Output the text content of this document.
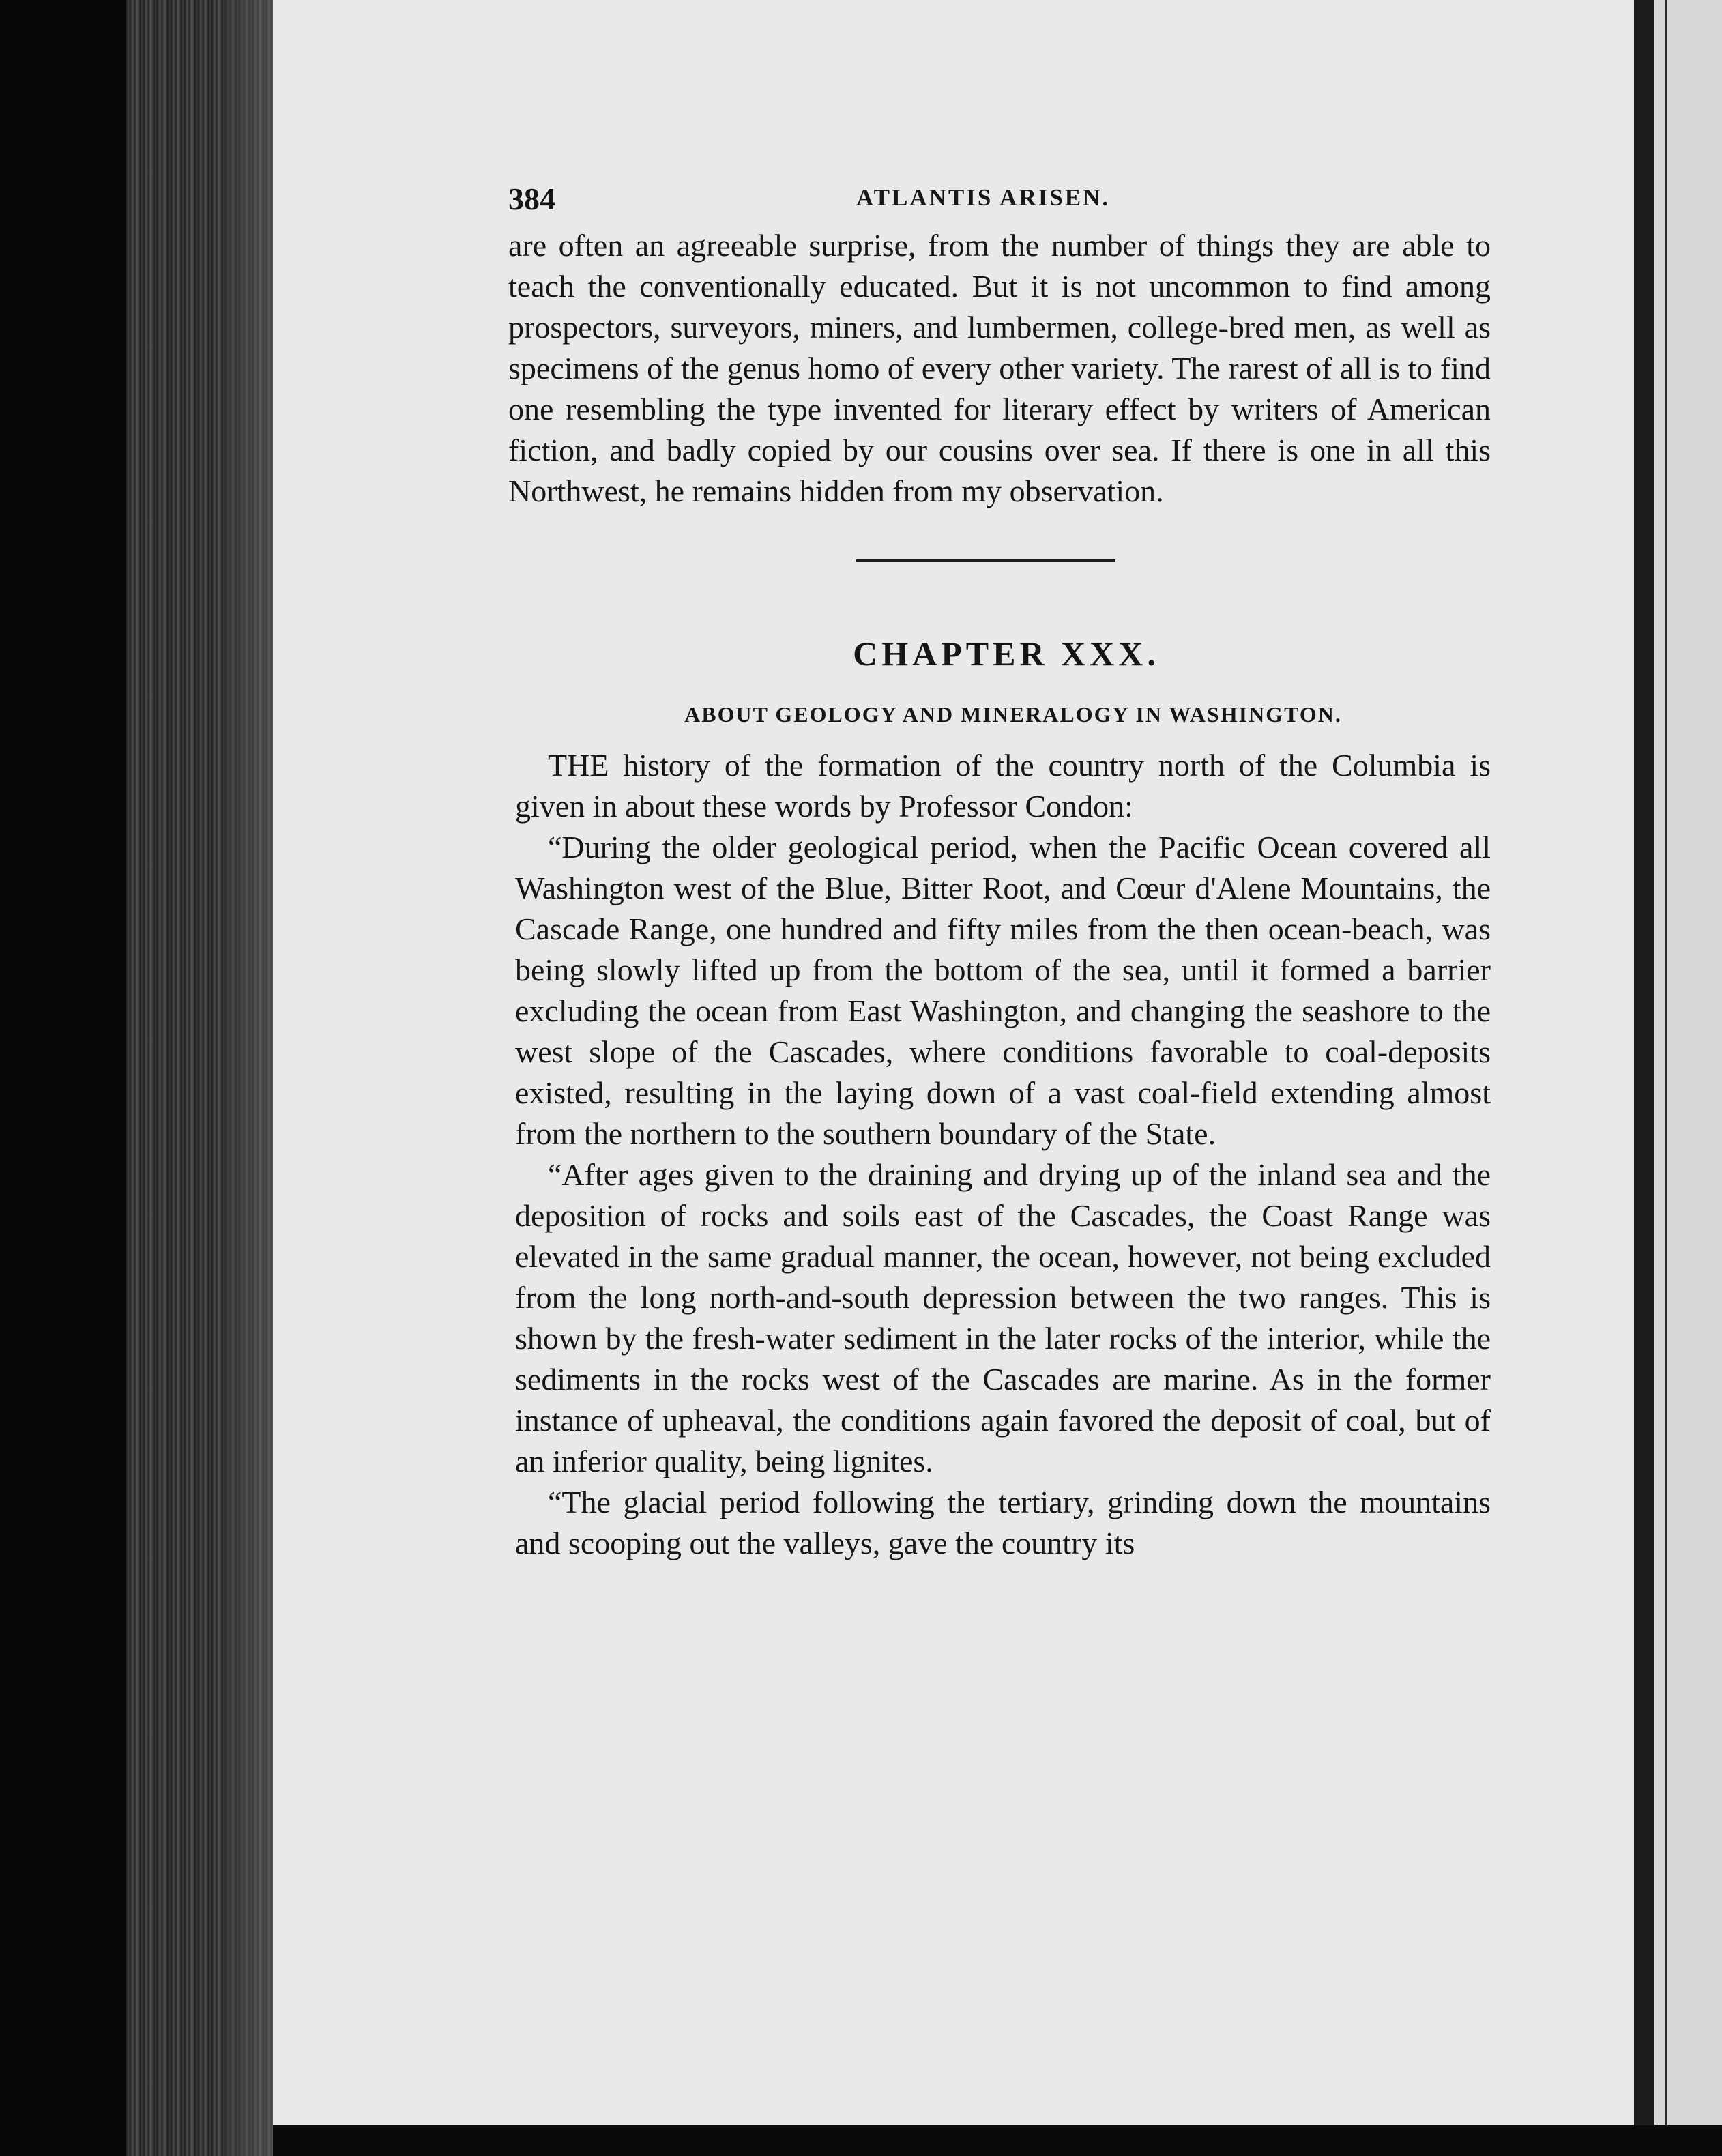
384	ATLANTIS ARISEN.

are often an agreeable surprise, from the number of things they are able to teach the conventionally educated. But it is not uncommon to find among prospectors, surveyors, miners, and lumbermen, college-bred men, as well as specimens of the genus homo of every other variety. The rarest of all is to find one resembling the type invented for literary effect by writers of American fiction, and badly copied by our cousins over sea. If there is one in all this Northwest, he remains hidden from my observation.

CHAPTER XXX.
ABOUT GEOLOGY AND MINERALOGY IN WASHINGTON.

THE history of the formation of the country north of the Columbia is given in about these words by Professor Condon:

“During the older geological period, when the Pacific Ocean covered all Washington west of the Blue, Bitter Root, and Cœur d'Alene Mountains, the Cascade Range, one hundred and fifty miles from the then ocean-beach, was being slowly lifted up from the bottom of the sea, until it formed a barrier excluding the ocean from East Washington, and changing the seashore to the west slope of the Cascades, where conditions favorable to coal-deposits existed, resulting in the laying down of a vast coal-field extending almost from the northern to the southern boundary of the State.

“After ages given to the draining and drying up of the inland sea and the deposition of rocks and soils east of the Cascades, the Coast Range was elevated in the same gradual manner, the ocean, however, not being excluded from the long north-and-south depression between the two ranges. This is shown by the fresh-water sediment in the later rocks of the interior, while the sediments in the rocks west of the Cascades are marine. As in the former instance of upheaval, the conditions again favored the deposit of coal, but of an inferior quality, being lignites.

“The glacial period following the tertiary, grinding down the mountains and scooping out the valleys, gave the country its
